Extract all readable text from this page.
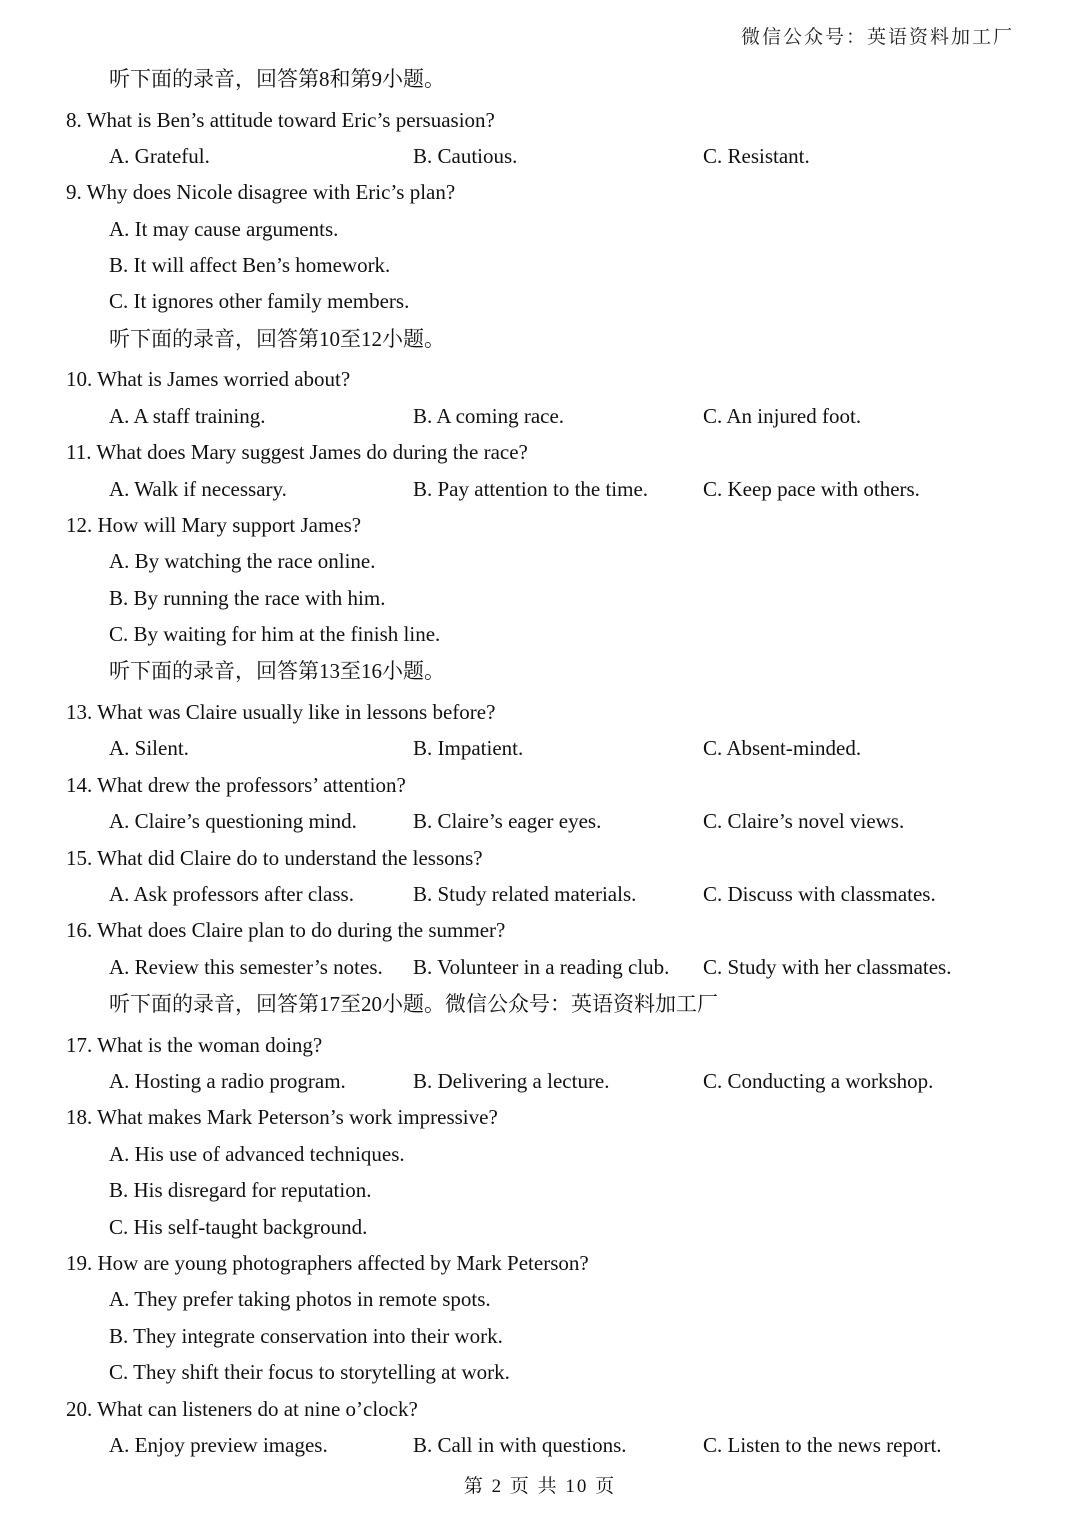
微信公众号：英语资料加工厂
听下面的录音，回答第8和第9小题。
8. What is Ben’s attitude toward Eric’s persuasion?
A. Grateful.	B. Cautious.	C. Resistant.
9. Why does Nicole disagree with Eric’s plan?
A. It may cause arguments.
B. It will affect Ben’s homework.
C. It ignores other family members.
听下面的录音，回答第10至12小题。
10. What is James worried about?
A. A staff training.	B. A coming race.	C. An injured foot.
11. What does Mary suggest James do during the race?
A. Walk if necessary.	B. Pay attention to the time.	C. Keep pace with others.
12. How will Mary support James?
A. By watching the race online.
B. By running the race with him.
C. By waiting for him at the finish line.
听下面的录音，回答第13至16小题。
13. What was Claire usually like in lessons before?
A. Silent.	B. Impatient.	C. Absent-minded.
14. What drew the professors’ attention?
A. Claire’s questioning mind.	B. Claire’s eager eyes.	C. Claire’s novel views.
15. What did Claire do to understand the lessons?
A. Ask professors after class.	B. Study related materials.	C. Discuss with classmates.
16. What does Claire plan to do during the summer?
A. Review this semester’s notes. B. Volunteer in a reading club. C. Study with her classmates.
听下面的录音，回答第17至20小题。微信公众号：英语资料加工厂
17. What is the woman doing?
A. Hosting a radio program.	B. Delivering a lecture.	C. Conducting a workshop.
18. What makes Mark Peterson’s work impressive?
A. His use of advanced techniques.
B. His disregard for reputation.
C. His self-taught background.
19. How are young photographers affected by Mark Peterson?
A. They prefer taking photos in remote spots.
B. They integrate conservation into their work.
C. They shift their focus to storytelling at work.
20. What can listeners do at nine o’clock?
A. Enjoy preview images.	B. Call in with questions.	C. Listen to the news report.
第 2 页 共 10 页
